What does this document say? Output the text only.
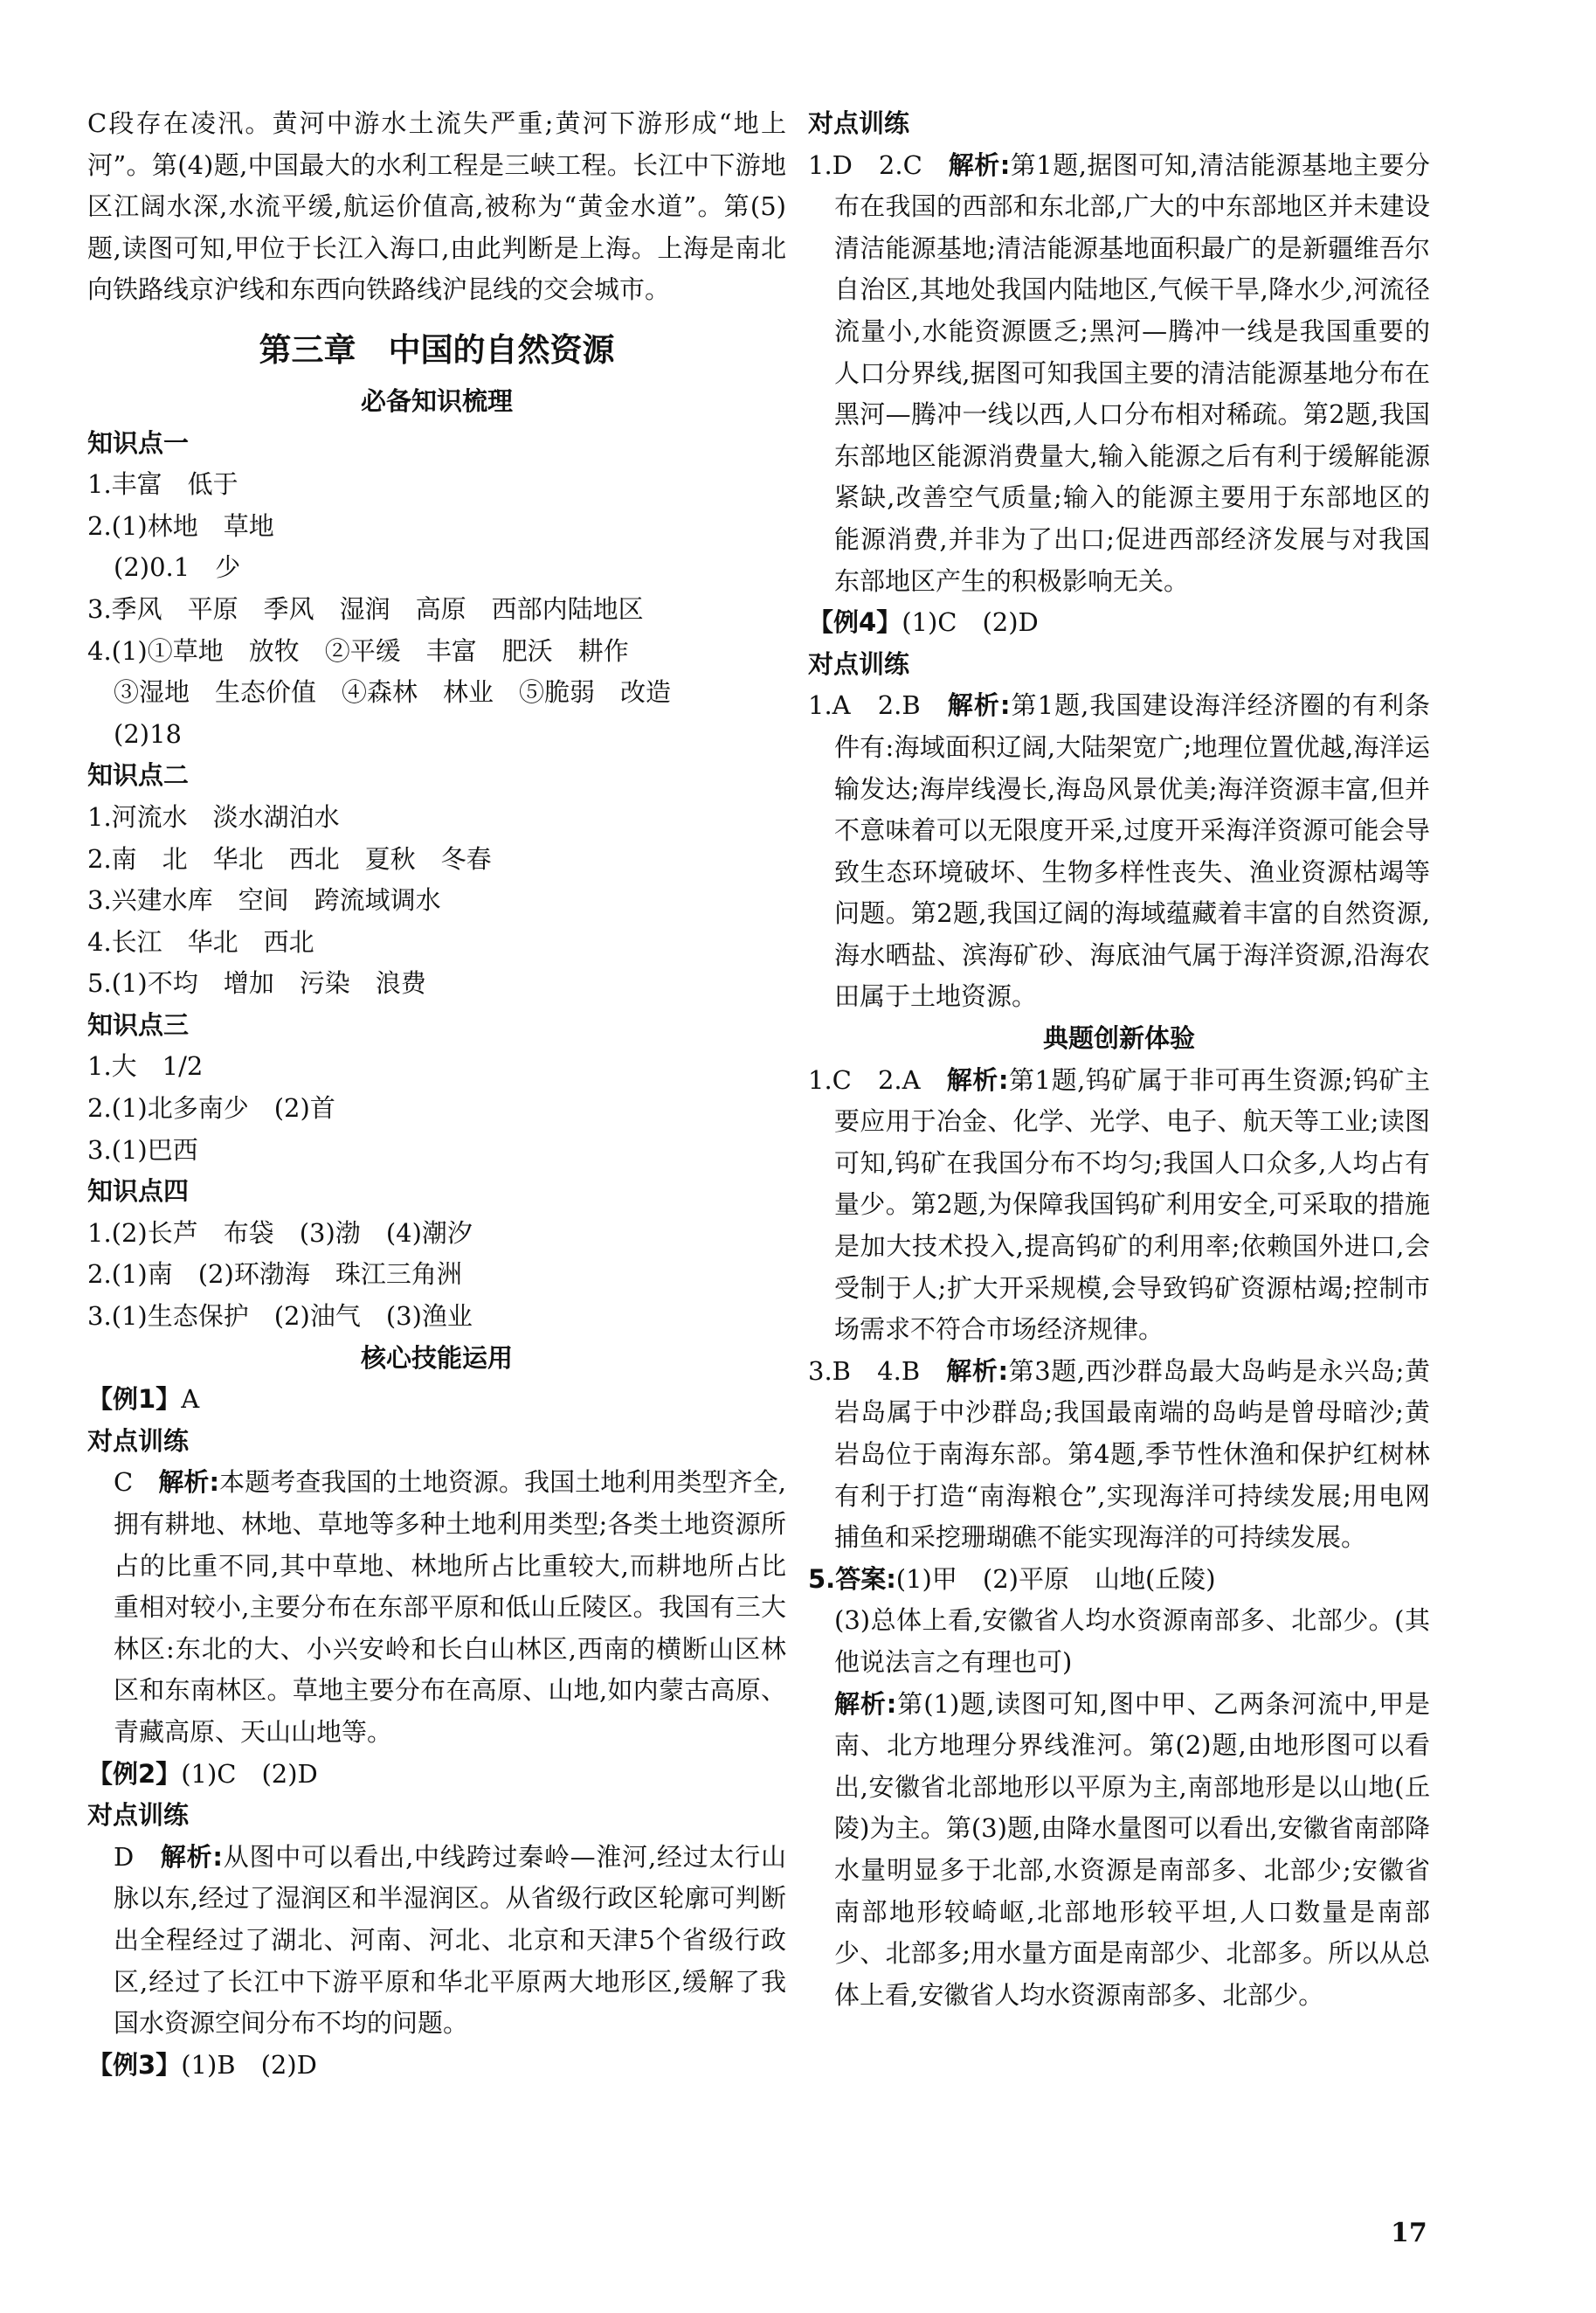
C段存在凌汛。黄河中游水土流失严重;黄河下游形成“地上河”。第(4)题,中国最大的水利工程是三峡工程。长江中下游地区江阔水深,水流平缓,航运价值高,被称为“黄金水道”。第(5)题,读图可知,甲位于长江入海口,由此判断是上海。上海是南北向铁路线京沪线和东西向铁路线沪昆线的交会城市。

第三章　中国的自然资源
必备知识梳理
知识点一
1.丰富　低于
2.(1)林地　草地
(2)0.1　少
3.季风　平原　季风　湿润　高原　西部内陆地区
4.(1)①草地　放牧　②平缓　丰富　肥沃　耕作
③湿地　生态价值　④森林　林业　⑤脆弱　改造
(2)18
知识点二
1.河流水　淡水湖泊水
2.南　北　华北　西北　夏秋　冬春
3.兴建水库　空间　跨流域调水
4.长江　华北　西北
5.(1)不均　增加　污染　浪费
知识点三
1.大　1/2
2.(1)北多南少　(2)首
3.(1)巴西
知识点四
1.(2)长芦　布袋　(3)渤　(4)潮汐
2.(1)南　(2)环渤海　珠江三角洲
3.(1)生态保护　(2)油气　(3)渔业
核心技能运用
【例1】A
对点训练

C　解析:本题考查我国的土地资源。我国土地利用类型齐全,拥有耕地、林地、草地等多种土地利用类型;各类土地资源所占的比重不同,其中草地、林地所占比重较大,而耕地所占比重相对较小,主要分布在东部平原和低山丘陵区。我国有三大林区:东北的大、小兴安岭和长白山林区,西南的横断山区林区和东南林区。草地主要分布在高原、山地,如内蒙古高原、青藏高原、天山山地等。

【例2】(1)C　(2)D
对点训练

D　解析:从图中可以看出,中线跨过秦岭—淮河,经过太行山脉以东,经过了湿润区和半湿润区。从省级行政区轮廓可判断出全程经过了湖北、河南、河北、北京和天津5个省级行政区,经过了长江中下游平原和华北平原两大地形区,缓解了我国水资源空间分布不均的问题。

【例3】(1)B　(2)D
对点训练

1.D　2.C　解析:第1题,据图可知,清洁能源基地主要分布在我国的西部和东北部,广大的中东部地区并未建设清洁能源基地;清洁能源基地面积最广的是新疆维吾尔自治区,其地处我国内陆地区,气候干旱,降水少,河流径流量小,水能资源匮乏;黑河—腾冲一线是我国重要的人口分界线,据图可知我国主要的清洁能源基地分布在黑河—腾冲一线以西,人口分布相对稀疏。第2题,我国东部地区能源消费量大,输入能源之后有利于缓解能源紧缺,改善空气质量;输入的能源主要用于东部地区的能源消费,并非为了出口;促进西部经济发展与对我国东部地区产生的积极影响无关。

【例4】(1)C　(2)D
对点训练

1.A　2.B　解析:第1题,我国建设海洋经济圈的有利条件有:海域面积辽阔,大陆架宽广;地理位置优越,海洋运输发达;海岸线漫长,海岛风景优美;海洋资源丰富,但并不意味着可以无限度开采,过度开采海洋资源可能会导致生态环境破坏、生物多样性丧失、渔业资源枯竭等问题。第2题,我国辽阔的海域蕴藏着丰富的自然资源,海水晒盐、滨海矿砂、海底油气属于海洋资源,沿海农田属于土地资源。

典题创新体验

1.C　2.A　解析:第1题,钨矿属于非可再生资源;钨矿主要应用于冶金、化学、光学、电子、航天等工业;读图可知,钨矿在我国分布不均匀;我国人口众多,人均占有量少。第2题,为保障我国钨矿利用安全,可采取的措施是加大技术投入,提高钨矿的利用率;依赖国外进口,会受制于人;扩大开采规模,会导致钨矿资源枯竭;控制市场需求不符合市场经济规律。

3.B　4.B　解析:第3题,西沙群岛最大岛屿是永兴岛;黄岩岛属于中沙群岛;我国最南端的岛屿是曾母暗沙;黄岩岛位于南海东部。第4题,季节性休渔和保护红树林有利于打造“南海粮仓”,实现海洋可持续发展;用电网捕鱼和采挖珊瑚礁不能实现海洋的可持续发展。

5.答案:(1)甲　(2)平原　山地(丘陵)

(3)总体上看,安徽省人均水资源南部多、北部少。(其他说法言之有理也可)

解析:第(1)题,读图可知,图中甲、乙两条河流中,甲是南、北方地理分界线淮河。第(2)题,由地形图可以看出,安徽省北部地形以平原为主,南部地形是以山地(丘陵)为主。第(3)题,由降水量图可以看出,安徽省南部降水量明显多于北部,水资源是南部多、北部少;安徽省南部地形较崎岖,北部地形较平坦,人口数量是南部少、北部多;用水量方面是南部少、北部多。所以从总体上看,安徽省人均水资源南部多、北部少。

17
